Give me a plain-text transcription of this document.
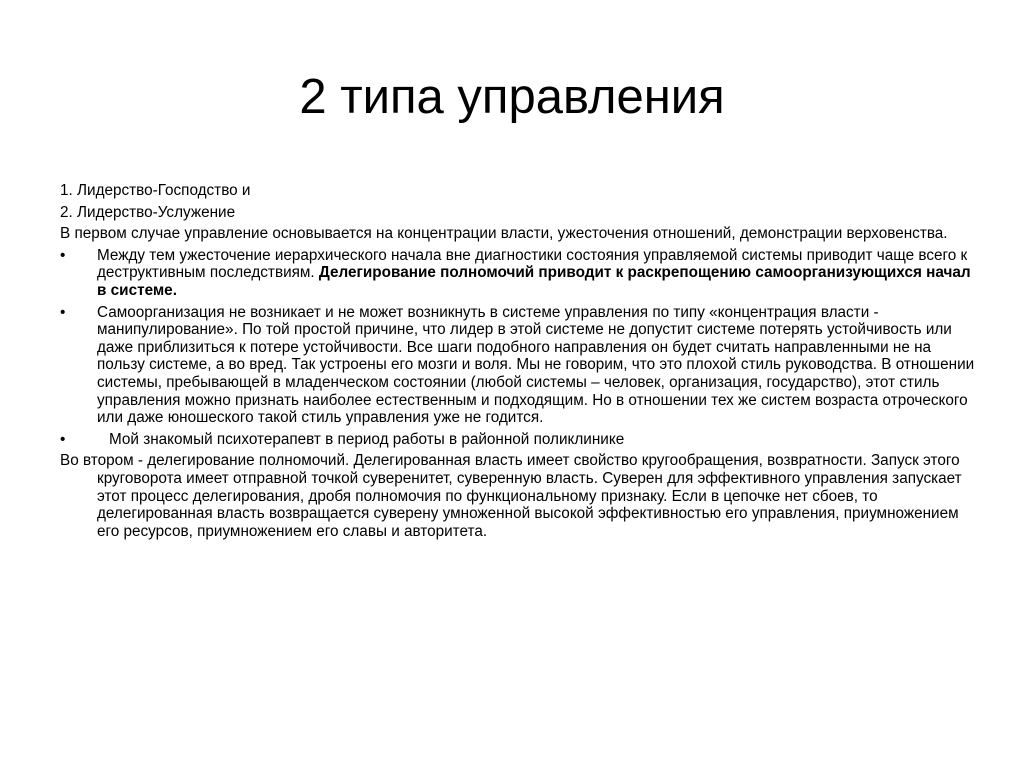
2 типа управления

1. Лидерство-Господство и

2. Лидерство-Услужение

В первом случае управление основывается на концентрации власти, ужесточения отношений, демонстрации верховенства.

•
Между тем ужесточение иерархического начала вне диагностики состояния управляемой системы приводит чаще всего к деструктивным последствиям. Делегирование полномочий приводит к раскрепощению самоорганизующихся начал в системе.

•
Самоорганизация не возникает и не может возникнуть в системе управления по типу «концентрация власти - манипулирование». По той простой причине, что лидер в этой системе не допустит системе потерять устойчивость или даже приблизиться к потере устойчивости. Все шаги подобного направления он будет считать направленными не на пользу системе, а во вред. Так устроены его мозги и воля. Мы не говорим, что это плохой стиль руководства. В отношении системы, пребывающей в младенческом состоянии (любой системы – человек, организация, государство), этот стиль управления можно признать наиболее естественным и подходящим. Но в отношении тех же систем возраста отроческого или даже юношеского такой стиль управления уже не годится.

•
Мой знакомый психотерапевт в период работы в районной поликлинике

Во втором - делегирование полномочий. Делегированная власть имеет свойство кругообращения, возвратности. Запуск этого круговорота имеет отправной точкой суверенитет, суверенную власть. Суверен для эффективного управления запускает этот процесс делегирования, дробя полномочия по функциональному признаку. Если в цепочке нет сбоев, то делегированная власть возвращается суверену умноженной высокой эффективностью его управления, приумножением его ресурсов, приумножением его славы и авторитета.
